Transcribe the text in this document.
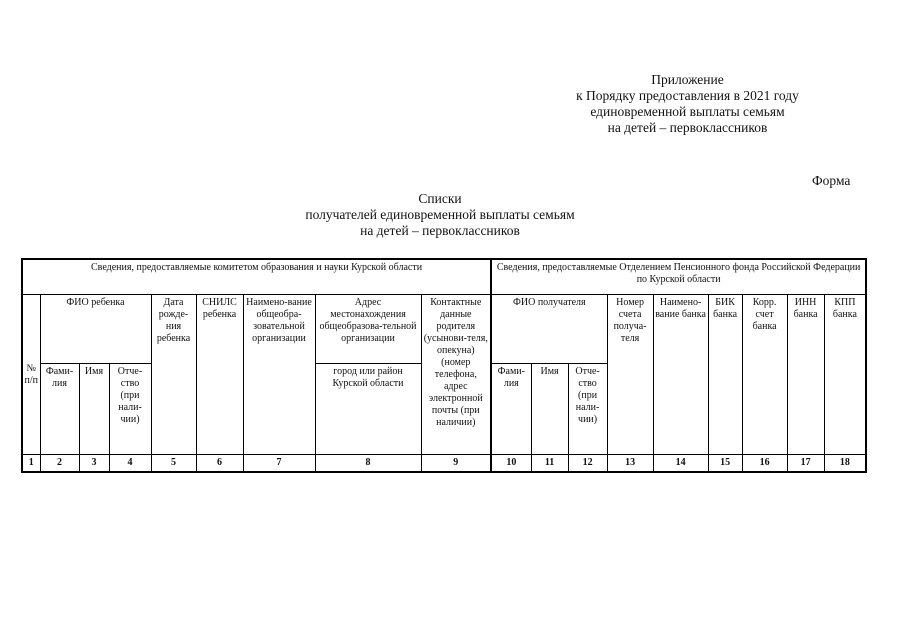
Приложение
к Порядку предоставления в 2021 году
единовременной выплаты семьям
на детей – первоклассников
Форма
Списки
получателей единовременной выплаты семьям
на детей – первоклассников
Сведения, предоставляемые комитетом образования и науки Курской области									Сведения, предоставляемые Отделением Пенсионного фонда Российской Федерации по Курской области								
№ п/п	ФИО ребенка			Дата рожде-ния ребенка	СНИЛС ребенка	Наимено-вание общеобра-зовательной организации	Адрес местонахождения общеобразова-тельной организации	Контактные данные родителя (усынови-теля, опекуна) (номер телефона, адрес электронной почты (при наличии)	ФИО получателя			Номер счета получа-теля	Наимено-вание банка	БИК банка	Корр. счет банка	ИНН банка	КПП банка
	Фами-лия	Имя	Отче-ство (при нали-чии)				город или район Курской области		Фами-лия	Имя	Отче-ство (при нали-чии)						
1	2	3	4	5	6	7	8	9	10	11	12	13	14	15	16	17	18
